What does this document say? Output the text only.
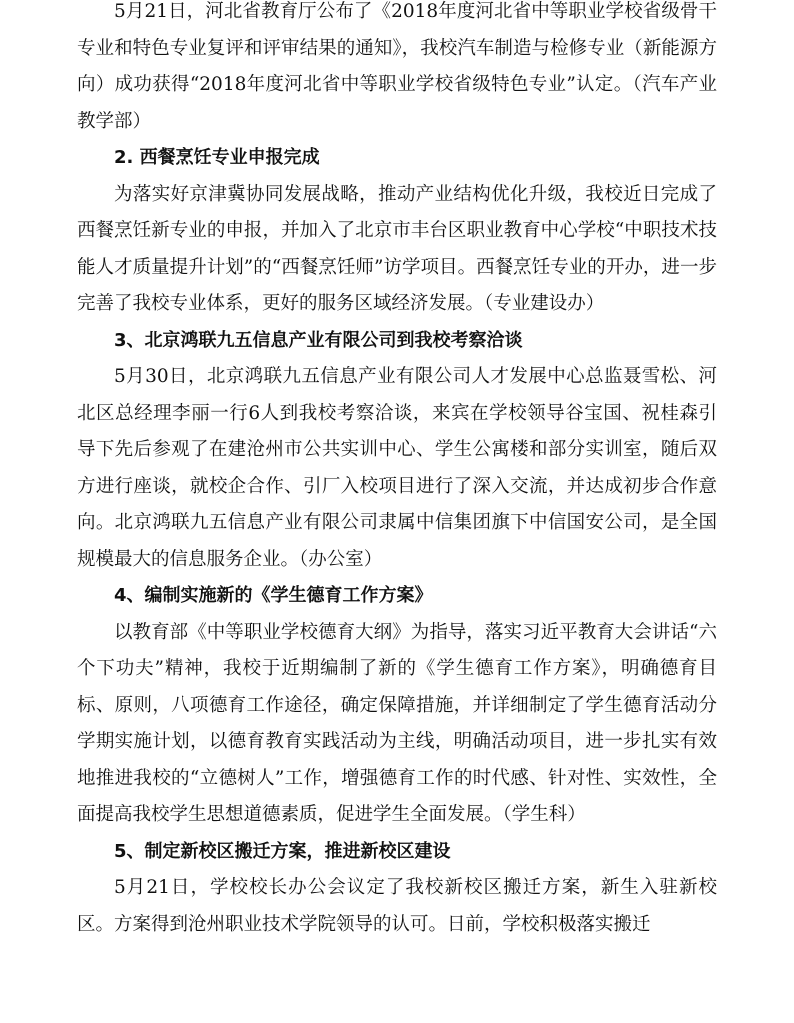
5月21日，河北省教育厅公布了《2018年度河北省中等职业学校省级骨干专业和特色专业复评和评审结果的通知》，我校汽车制造与检修专业（新能源方向）成功获得“2018年度河北省中等职业学校省级特色专业”认定。（汽车产业教学部）

2. 西餐烹饪专业申报完成

为落实好京津冀协同发展战略，推动产业结构优化升级，我校近日完成了西餐烹饪新专业的申报，并加入了北京市丰台区职业教育中心学校“中职技术技能人才质量提升计划”的“西餐烹饪师”访学项目。西餐烹饪专业的开办，进一步完善了我校专业体系，更好的服务区域经济发展。（专业建设办）

3、北京鸿联九五信息产业有限公司到我校考察洽谈

5月30日，北京鸿联九五信息产业有限公司人才发展中心总监聂雪松、河北区总经理李丽一行6人到我校考察洽谈，来宾在学校领导谷宝国、祝桂森引导下先后参观了在建沧州市公共实训中心、学生公寓楼和部分实训室，随后双方进行座谈，就校企合作、引厂入校项目进行了深入交流，并达成初步合作意向。北京鸿联九五信息产业有限公司隶属中信集团旗下中信国安公司，是全国规模最大的信息服务企业。（办公室）

4、编制实施新的《学生德育工作方案》

以教育部《中等职业学校德育大纲》为指导，落实习近平教育大会讲话“六个下功夫”精神，我校于近期编制了新的《学生德育工作方案》，明确德育目标、原则，八项德育工作途径，确定保障措施，并详细制定了学生德育活动分学期实施计划，以德育教育实践活动为主线，明确活动项目，进一步扎实有效地推进我校的“立德树人”工作，增强德育工作的时代感、针对性、实效性，全面提高我校学生思想道德素质，促进学生全面发展。（学生科）

5、制定新校区搬迁方案，推进新校区建设

5月21日，学校校长办公会议定了我校新校区搬迁方案，新生入驻新校区。方案得到沧州职业技术学院领导的认可。日前，学校积极落实搬迁
